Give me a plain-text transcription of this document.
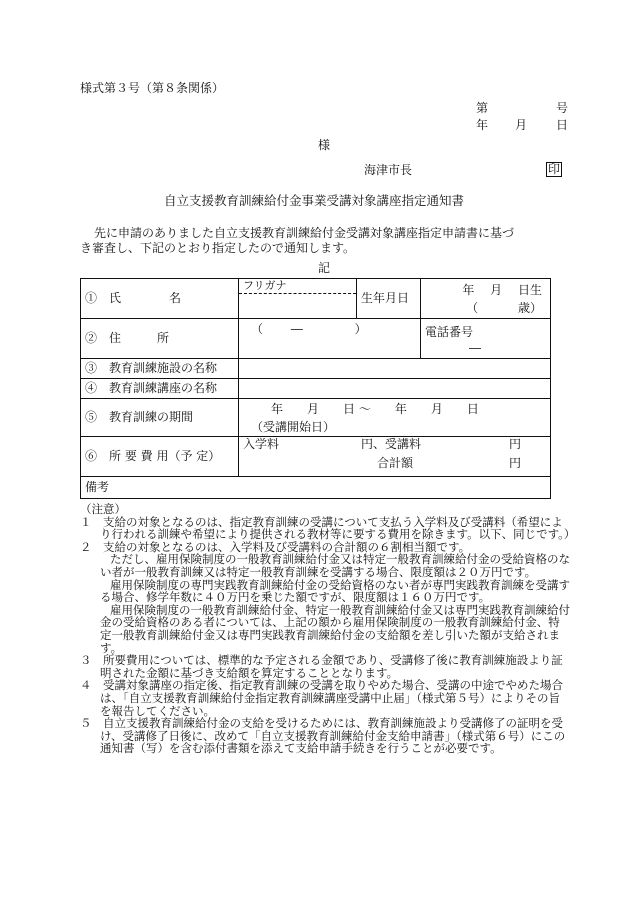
様式第３号（第８条関係）
第	号
年 月 日
様
海津市長	印
自立支援教育訓練給付金事業受講対象講座指定通知書
先に申請のありました自立支援教育訓練給付金受講対象講座指定申請書に基づ
き審査し、下記のとおり指定したので通知します。
記
①　氏　　　　名	フリガナ	生年月日	年　 月　 日生
（　　　 歳）

②　住　　　所	（　　 ―　　　　 ）		電話番号
―

③　教育訓練施設の名称			
④　教育訓練講座の名称			
⑤　教育訓練の期間	年　　月　　日 ～　　年　　月　　日
（受講開始日）		

⑥　所 要 費 用（予 定）	入学料 円、受講料 円
合計額 円		

備考			
（注意）
１　支給の対象となるのは、指定教育訓練の受講について支払う入学料及び受講料（希望により行われる訓練や希望により提供される教材等に要する費用を除きます。以下、同じです。）
２　支給の対象となるのは、入学料及び受講料の合計額の６割相当額です。
ただし、雇用保険制度の一般教育訓練給付金又は特定一般教育訓練給付金の受給資格のない者が一般教育訓練又は特定一般教育訓練を受講する場合、限度額は２０万円です。
雇用保険制度の専門実践教育訓練給付金の受給資格のない者が専門実践教育訓練を受講する場合、修学年数に４０万円を乗じた額ですが、限度額は１６０万円です。
雇用保険制度の一般教育訓練給付金、特定一般教育訓練給付金又は専門実践教育訓練給付金の受給資格のある者については、上記の額から雇用保険制度の一般教育訓練給付金、特定一般教育訓練給付金又は専門実践教育訓練給付金の支給額を差し引いた額が支給されます。
３　所要費用については、標準的な予定される金額であり、受講修了後に教育訓練施設より証明された金額に基づき支給額を算定することとなります。
４　受講対象講座の指定後、指定教育訓練の受講を取りやめた場合、受講の中途でやめた場合は、「自立支援教育訓練給付金指定教育訓練講座受講中止届」（様式第５号）によりその旨を報告してください。
５　自立支援教育訓練給付金の支給を受けるためには、教育訓練施設より受講修了の証明を受け、受講修了日後に、改めて「自立支援教育訓練給付金支給申請書」（様式第６号）にこの通知書（写）を含む添付書類を添えて支給申請手続きを行うことが必要です。
